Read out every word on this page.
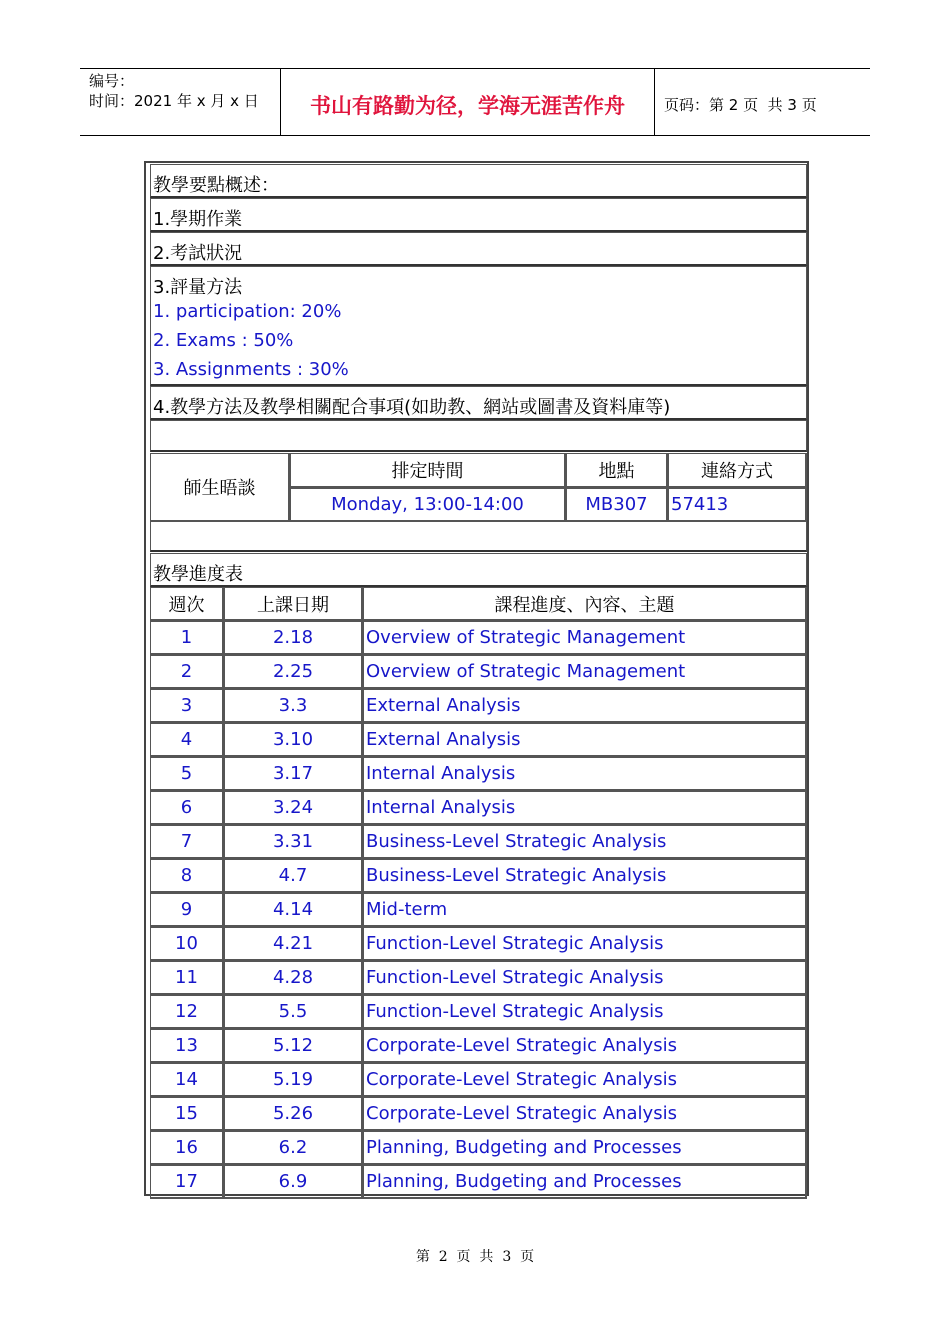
编号：
时间：2021 年 x 月 x 日	书山有路勤为径，学海无涯苦作舟	页码：第 2 页  共 3 页
教學要點概述：
1.學期作業
2.考試狀況
3.評量方法
1. participation: 20%
2. Exams : 50%
3. Assignments : 30%
4.教學方法及教學相關配合事項(如助教、網站或圖書及資料庫等)
師生晤談	排定時間	地點	連絡方式
	Monday, 13:00-14:00	MB307	57413
教學進度表
週次	上課日期	課程進度、內容、主題
1	2.18	Overview of Strategic Management
2	2.25	Overview of Strategic Management
3	3.3	External Analysis
4	3.10	External Analysis
5	3.17	Internal Analysis
6	3.24	Internal Analysis
7	3.31	Business-Level Strategic Analysis
8	4.7	Business-Level Strategic Analysis
9	4.14	Mid-term
10	4.21	Function-Level Strategic Analysis
11	4.28	Function-Level Strategic Analysis
12	5.5	Function-Level Strategic Analysis
13	5.12	Corporate-Level Strategic Analysis
14	5.19	Corporate-Level Strategic Analysis
15	5.26	Corporate-Level Strategic Analysis
16	6.2	Planning, Budgeting and Processes
17	6.9	Planning, Budgeting and Processes
第  2  页  共  3  页
